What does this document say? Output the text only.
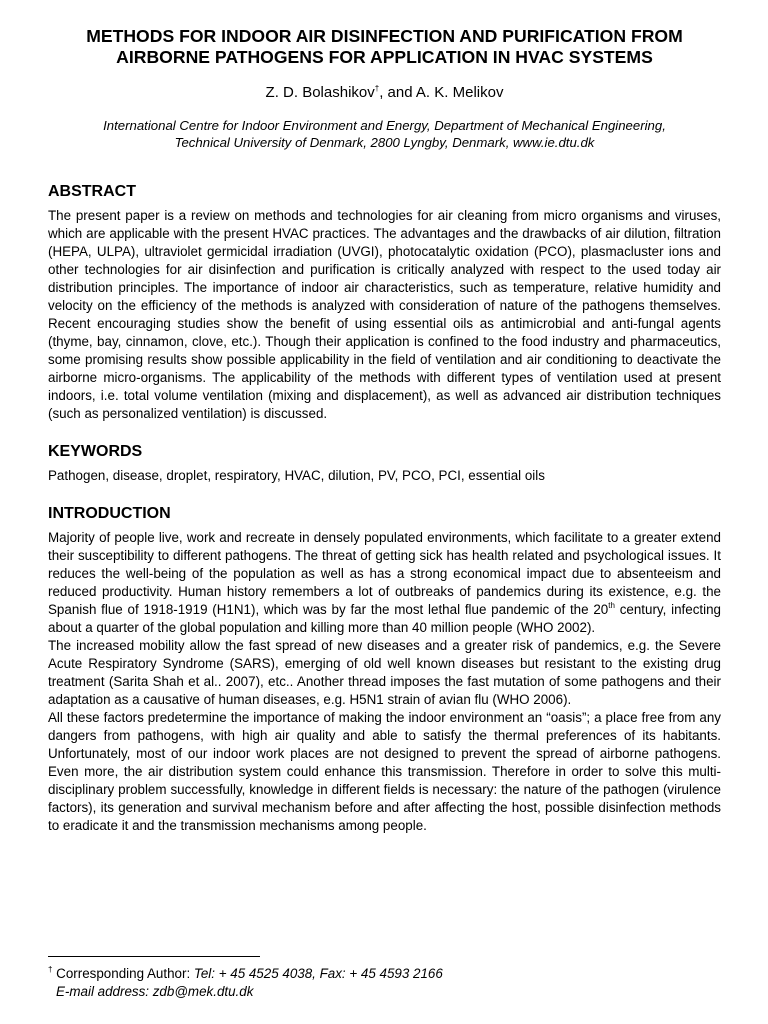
METHODS FOR INDOOR AIR DISINFECTION AND PURIFICATION FROM AIRBORNE PATHOGENS FOR APPLICATION IN HVAC SYSTEMS
Z. D. Bolashikov†, and A. K. Melikov
International Centre for Indoor Environment and Energy, Department of Mechanical Engineering,
Technical University of Denmark, 2800 Lyngby, Denmark, www.ie.dtu.dk
ABSTRACT

The present paper is a review on methods and technologies for air cleaning from micro organisms and viruses, which are applicable with the present HVAC practices. The advantages and the drawbacks of air dilution, filtration (HEPA, ULPA), ultraviolet germicidal irradiation (UVGI), photocatalytic oxidation (PCO), plasmacluster ions and other technologies for air disinfection and purification is critically analyzed with respect to the used today air distribution principles. The importance of indoor air characteristics, such as temperature, relative humidity and velocity on the efficiency of the methods is analyzed with consideration of nature of the pathogens themselves. Recent encouraging studies show the benefit of using essential oils as antimicrobial and anti-fungal agents (thyme, bay, cinnamon, clove, etc.). Though their application is confined to the food industry and pharmaceutics, some promising results show possible applicability in the field of ventilation and air conditioning to deactivate the airborne micro-organisms. The applicability of the methods with different types of ventilation used at present indoors, i.e. total volume ventilation (mixing and displacement), as well as advanced air distribution techniques (such as personalized ventilation) is discussed.

KEYWORDS

Pathogen, disease, droplet, respiratory, HVAC, dilution, PV, PCO, PCI, essential oils

INTRODUCTION

Majority of people live, work and recreate in densely populated environments, which facilitate to a greater extend their susceptibility to different pathogens. The threat of getting sick has health related and psychological issues. It reduces the well-being of the population as well as has a strong economical impact due to absenteeism and reduced productivity. Human history remembers a lot of outbreaks of pandemics during its existence, e.g. the Spanish flue of 1918-1919 (H1N1), which was by far the most lethal flue pandemic of the 20th century, infecting about a quarter of the global population and killing more than 40 million people (WHO 2002).

The increased mobility allow the fast spread of new diseases and a greater risk of pandemics, e.g. the Severe Acute Respiratory Syndrome (SARS), emerging of old well known diseases but resistant to the existing drug treatment (Sarita Shah et al.. 2007), etc.. Another thread imposes the fast mutation of some pathogens and their adaptation as a causative of human diseases, e.g. H5N1 strain of avian flu (WHO 2006).

All these factors predetermine the importance of making the indoor environment an “oasis”; a place free from any dangers from pathogens, with high air quality and able to satisfy the thermal preferences of its habitants. Unfortunately, most of our indoor work places are not designed to prevent the spread of airborne pathogens. Even more, the air distribution system could enhance this transmission. Therefore in order to solve this multi-disciplinary problem successfully, knowledge in different fields is necessary: the nature of the pathogen (virulence factors), its generation and survival mechanism before and after affecting the host, possible disinfection methods to eradicate it and the transmission mechanisms among people.

† Corresponding Author: Tel: + 45 4525 4038, Fax: + 45 4593 2166
E-mail address: zdb@mek.dtu.dk
